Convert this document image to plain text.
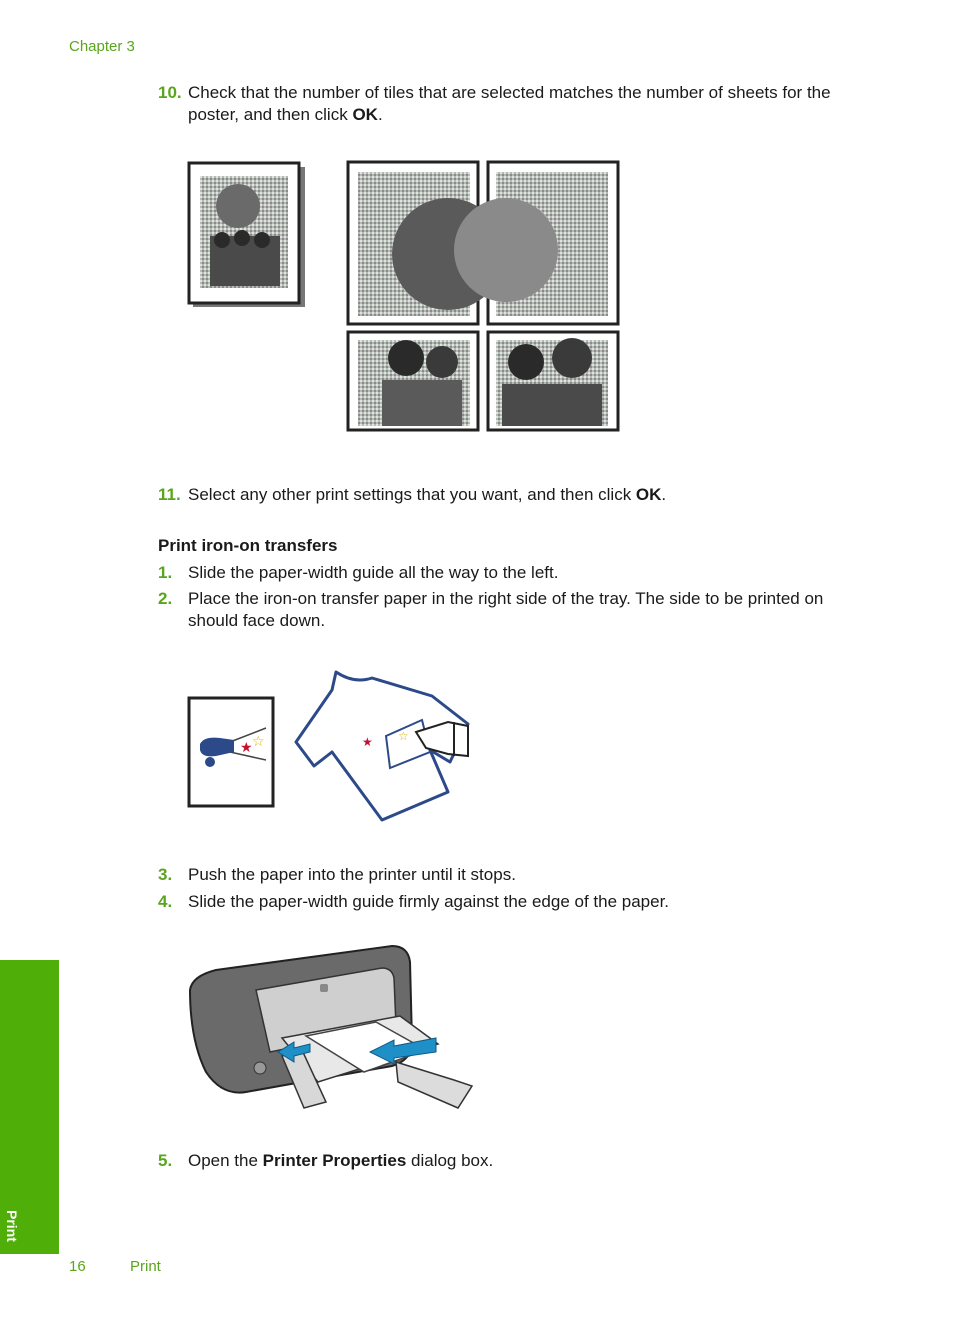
Chapter 3
10. Check that the number of tiles that are selected matches the number of sheets for the poster, and then click OK.
11. Select any other print settings that you want, and then click OK.
Print iron-on transfers
1. Slide the paper-width guide all the way to the left.
2. Place the iron-on transfer paper in the right side of the tray. The side to be printed on should face down.
★ ☆	★ ☆
3. Push the paper into the printer until it stops.
4. Slide the paper-width guide firmly against the edge of the paper.
5. Open the Printer Properties dialog box.
Print
16	Print
